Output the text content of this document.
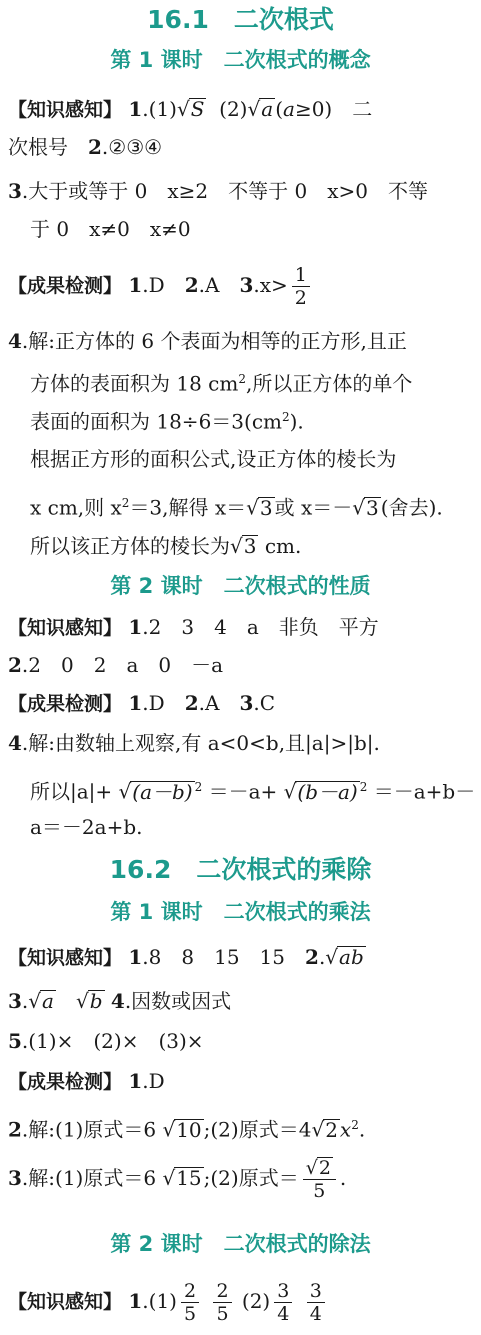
16.1　二次根式
第 1 课时　二次根式的概念
【知识感知】 1.(1)√S (2)√a (a≥0)　二
次根号　2.②③④
3.大于或等于 0　x≥2　不等于 0　x>0　不等
于 0　x≠0　x≠0
【成果检测】 1.D　2.A　$3.x> \frac{1}{2}$
4.解:正方体的 6 个表面为相等的正方形,且正
方体的表面积为 18 $cm^2$,所以正方体的单个
表面的面积为 $18\div 6=3(cm^2)$.
根据正方形的面积公式,设正方体的棱长为
x cm,则 $x^2=3$,解得 x＝√3 或 x＝－√3 (舍去).
所以该正方体的棱长为√3 cm.
第 2 课时　二次根式的性质
【知识感知】 1.2　3　4　a　非负　平方
2.2　0　2　a　0　－a
【成果检测】 1.D　2.A　3.C
4.解:由数轴上观察,有 a<0<b,且|a|>|b|.
所以|a|+ √(a－b) $^2$ ＝－a+ √(b－a) $^2$ ＝－a+b－
a＝－2a+b.
16.2　二次根式的乘除
第 1 课时　二次根式的乘法
【知识感知】 1.8　8　15　15　2.√ab
3.√a　 √b 4.因数或因式
5.(1)×　(2)×　(3)×
【成果检测】 1.D
2.解:(1)原式＝6 √10 ;(2)原式＝4√2 $x^2$.
3.解:(1)原式＝6 √15 ;(2)原式＝ $\frac{√2}{5}$ .
第 2 课时　二次根式的除法
【知识感知】 $1.(1) \frac{2}{5}$
$\frac{2}{5} (2) \frac{3}{4}$
$\frac{3}{4}$
